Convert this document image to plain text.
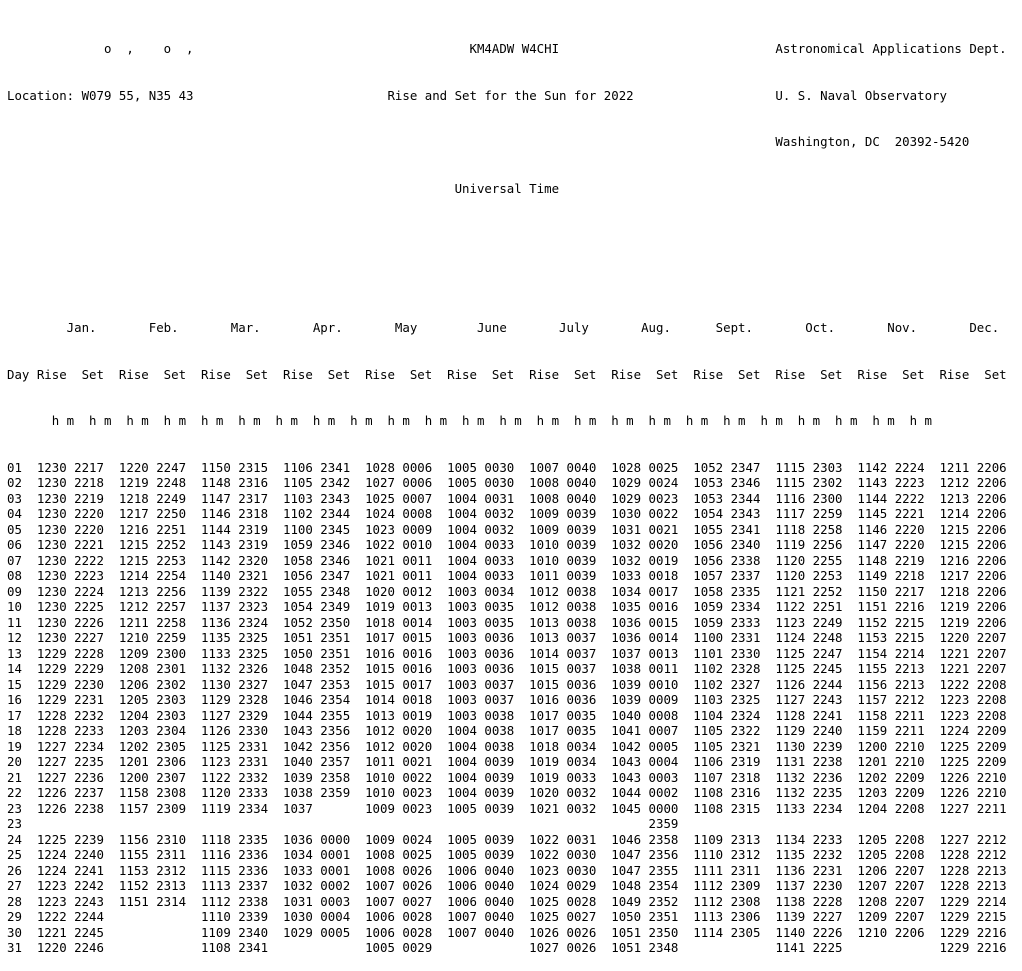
o  ,    o  ,                                     KM4ADW W4CHI                             Astronomical Applications Dept.

Location: W079 55, N35 43                          Rise and Set for the Sun for 2022                   U. S. Naval Observatory

Washington, DC  20392-5420

Universal Time

Jan.       Feb.       Mar.       Apr.       May        June       July       Aug.      Sept.       Oct.       Nov.       Dec.

Day Rise  Set  Rise  Set  Rise  Set  Rise  Set  Rise  Set  Rise  Set  Rise  Set  Rise  Set  Rise  Set  Rise  Set  Rise  Set  Rise  Set

h m  h m  h m  h m  h m  h m  h m  h m  h m  h m  h m  h m  h m  h m  h m  h m  h m  h m  h m  h m  h m  h m  h m  h m

01  1230 2217  1220 2247  1150 2315  1106 2341  1028 0006  1005 0030  1007 0040  1028 0025  1052 2347  1115 2303  1142 2224  1211 2206
02  1230 2218  1219 2248  1148 2316  1105 2342  1027 0006  1005 0030  1008 0040  1029 0024  1053 2346  1115 2302  1143 2223  1212 2206
03  1230 2219  1218 2249  1147 2317  1103 2343  1025 0007  1004 0031  1008 0040  1029 0023  1053 2344  1116 2300  1144 2222  1213 2206
04  1230 2220  1217 2250  1146 2318  1102 2344  1024 0008  1004 0032  1009 0039  1030 0022  1054 2343  1117 2259  1145 2221  1214 2206
05  1230 2220  1216 2251  1144 2319  1100 2345  1023 0009  1004 0032  1009 0039  1031 0021  1055 2341  1118 2258  1146 2220  1215 2206
06  1230 2221  1215 2252  1143 2319  1059 2346  1022 0010  1004 0033  1010 0039  1032 0020  1056 2340  1119 2256  1147 2220  1215 2206
07  1230 2222  1215 2253  1142 2320  1058 2346  1021 0011  1004 0033  1010 0039  1032 0019  1056 2338  1120 2255  1148 2219  1216 2206
08  1230 2223  1214 2254  1140 2321  1056 2347  1021 0011  1004 0033  1011 0039  1033 0018  1057 2337  1120 2253  1149 2218  1217 2206
09  1230 2224  1213 2256  1139 2322  1055 2348  1020 0012  1003 0034  1012 0038  1034 0017  1058 2335  1121 2252  1150 2217  1218 2206
10  1230 2225  1212 2257  1137 2323  1054 2349  1019 0013  1003 0035  1012 0038  1035 0016  1059 2334  1122 2251  1151 2216  1219 2206
11  1230 2226  1211 2258  1136 2324  1052 2350  1018 0014  1003 0035  1013 0038  1036 0015  1059 2333  1123 2249  1152 2215  1219 2206
12  1230 2227  1210 2259  1135 2325  1051 2351  1017 0015  1003 0036  1013 0037  1036 0014  1100 2331  1124 2248  1153 2215  1220 2207
13  1229 2228  1209 2300  1133 2325  1050 2351  1016 0016  1003 0036  1014 0037  1037 0013  1101 2330  1125 2247  1154 2214  1221 2207
14  1229 2229  1208 2301  1132 2326  1048 2352  1015 0016  1003 0036  1015 0037  1038 0011  1102 2328  1125 2245  1155 2213  1221 2207
15  1229 2230  1206 2302  1130 2327  1047 2353  1015 0017  1003 0037  1015 0036  1039 0010  1102 2327  1126 2244  1156 2213  1222 2208
16  1229 2231  1205 2303  1129 2328  1046 2354  1014 0018  1003 0037  1016 0036  1039 0009  1103 2325  1127 2243  1157 2212  1223 2208
17  1228 2232  1204 2303  1127 2329  1044 2355  1013 0019  1003 0038  1017 0035  1040 0008  1104 2324  1128 2241  1158 2211  1223 2208
18  1228 2233  1203 2304  1126 2330  1043 2356  1012 0020  1004 0038  1017 0035  1041 0007  1105 2322  1129 2240  1159 2211  1224 2209
19  1227 2234  1202 2305  1125 2331  1042 2356  1012 0020  1004 0038  1018 0034  1042 0005  1105 2321  1130 2239  1200 2210  1225 2209
20  1227 2235  1201 2306  1123 2331  1040 2357  1011 0021  1004 0039  1019 0034  1043 0004  1106 2319  1131 2238  1201 2210  1225 2209
21  1227 2236  1200 2307  1122 2332  1039 2358  1010 0022  1004 0039  1019 0033  1043 0003  1107 2318  1132 2236  1202 2209  1226 2210
22  1226 2237  1158 2308  1120 2333  1038 2359  1010 0023  1004 0039  1020 0032  1044 0002  1108 2316  1132 2235  1203 2209  1226 2210
23  1226 2238  1157 2309  1119 2334  1037       1009 0023  1005 0039  1021 0032  1045 0000  1108 2315  1133 2234  1204 2208  1227 2211
23                                                                                    2359
24  1225 2239  1156 2310  1118 2335  1036 0000  1009 0024  1005 0039  1022 0031  1046 2358  1109 2313  1134 2233  1205 2208  1227 2212
25  1224 2240  1155 2311  1116 2336  1034 0001  1008 0025  1005 0039  1022 0030  1047 2356  1110 2312  1135 2232  1205 2208  1228 2212
26  1224 2241  1153 2312  1115 2336  1033 0001  1008 0026  1006 0040  1023 0030  1047 2355  1111 2311  1136 2231  1206 2207  1228 2213
27  1223 2242  1152 2313  1113 2337  1032 0002  1007 0026  1006 0040  1024 0029  1048 2354  1112 2309  1137 2230  1207 2207  1228 2213
28  1223 2243  1151 2314  1112 2338  1031 0003  1007 0027  1006 0040  1025 0028  1049 2352  1112 2308  1138 2228  1208 2207  1229 2214
29  1222 2244             1110 2339  1030 0004  1006 0028  1007 0040  1025 0027  1050 2351  1113 2306  1139 2227  1209 2207  1229 2215
30  1221 2245             1109 2340  1029 0005  1006 0028  1007 0040  1026 0026  1051 2350  1114 2305  1140 2226  1210 2206  1229 2216
31  1220 2246             1108 2341             1005 0029             1027 0026  1051 2348             1141 2225             1229 2216
